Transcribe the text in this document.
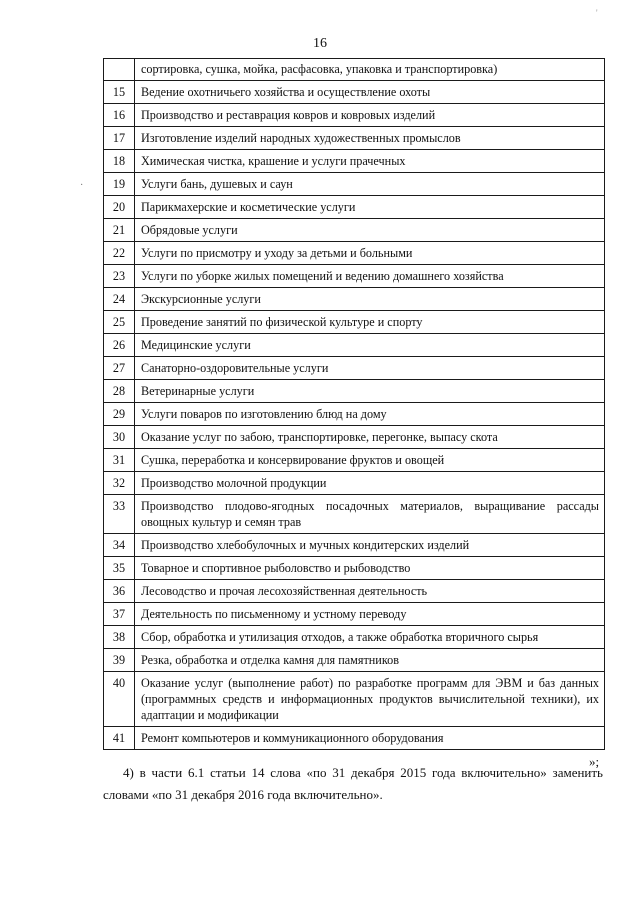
16
'
·
	сортировка, сушка, мойка, расфасовка, упаковка и транспортировка)
15	Ведение охотничьего хозяйства и осуществление охоты
16	Производство и реставрация ковров и ковровых изделий
17	Изготовление изделий народных художественных промыслов
18	Химическая чистка, крашение и услуги прачечных
19	Услуги бань, душевых и саун
20	Парикмахерские и косметические услуги
21	Обрядовые услуги
22	Услуги по присмотру и уходу за детьми и больными
23	Услуги по уборке жилых помещений и ведению домашнего хозяйства
24	Экскурсионные услуги
25	Проведение занятий по физической культуре и спорту
26	Медицинские услуги
27	Санаторно-оздоровительные услуги
28	Ветеринарные услуги
29	Услуги поваров по изготовлению блюд на дому
30	Оказание услуг по забою, транспортировке, перегонке, выпасу скота
31	Сушка, переработка и консервирование фруктов и овощей
32	Производство молочной продукции
33	Производство плодово-ягодных посадочных материалов, выращивание рассады овощных культур и семян трав
34	Производство хлебобулочных и мучных кондитерских изделий
35	Товарное и спортивное рыболовство и рыбоводство
36	Лесоводство и прочая лесохозяйственная деятельность
37	Деятельность по письменному и устному переводу
38	Сбор, обработка и утилизация отходов, а также обработка вторичного сырья
39	Резка, обработка и отделка камня для памятников
40	Оказание услуг (выполнение работ) по разработке программ для ЭВМ и баз данных (программных средств и информационных продуктов вычислительной техники), их адаптации и модификации
41	Ремонт компьютеров и коммуникационного оборудования
»;
4) в части 6.1 статьи 14 слова «по 31 декабря 2015 года включительно» заменить словами «по 31 декабря 2016 года включительно».
